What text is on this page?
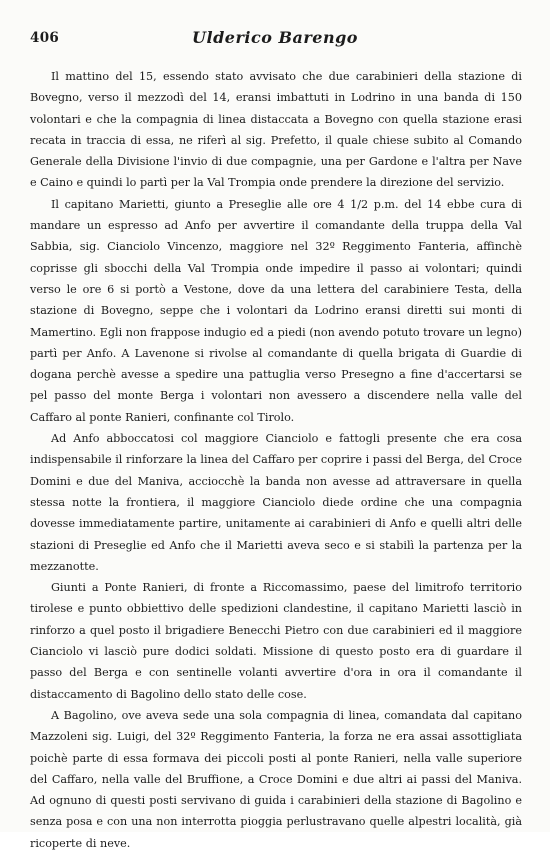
406	Ulderico Barengo

Il mattino del 15, essendo stato avvisato che due carabinieri della stazione di Bovegno, verso il mezzodì del 14, eransi imbattuti in Lodrino in una banda di 150 volontari e che la compagnia di linea distaccata a Bovegno con quella stazione erasi recata in traccia di essa, ne riferì al sig. Prefetto, il quale chiese subito al Comando Generale della Divisione l'invio di due compagnie, una per Gardone e l'altra per Nave e Caino e quindi lo partì per la Val Trompia onde prendere la direzione del servizio.

Il capitano Marietti, giunto a Preseglie alle ore 4 1/2 p.m. del 14 ebbe cura di mandare un espresso ad Anfo per avvertire il comandante della truppa della Val Sabbia, sig. Cianciolo Vincenzo, maggiore nel 32º Reggimento Fanteria, affinchè coprisse gli sbocchi della Val Trompia onde impedire il passo ai volontari; quindi verso le ore 6 si portò a Vestone, dove da una lettera del carabiniere Testa, della stazione di Bovegno, seppe che i volontari da Lodrino eransi diretti sui monti di Mamertino. Egli non frappose indugio ed a piedi (non avendo potuto trovare un legno) partì per Anfo. A Lavenone si rivolse al comandante di quella brigata di Guardie di dogana perchè avesse a spedire una pattuglia verso Presegno a fine d'accertarsi se pel passo del monte Berga i volontari non avessero a discendere nella valle del Caffaro al ponte Ranieri, confinante col Tirolo.

Ad Anfo abboccatosi col maggiore Cianciolo e fattogli presente che era cosa indispensabile il rinforzare la linea del Caffaro per coprire i passi del Berga, del Croce Domini e due del Maniva, acciocchè la banda non avesse ad attraversare in quella stessa notte la frontiera, il maggiore Cianciolo diede ordine che una compagnia dovesse immediatamente partire, unitamente ai carabinieri di Anfo e quelli altri delle stazioni di Preseglie ed Anfo che il Marietti aveva seco e si stabilì la partenza per la mezzanotte.

Giunti a Ponte Ranieri, di fronte a Riccomassimo, paese del limitrofo territorio tirolese e punto obbiettivo delle spedizioni clandestine, il capitano Marietti lasciò in rinforzo a quel posto il brigadiere Benecchi Pietro con due carabinieri ed il maggiore Cianciolo vi lasciò pure dodici soldati. Missione di questo posto era di guardare il passo del Berga e con sentinelle volanti avvertire d'ora in ora il comandante il distaccamento di Bagolino dello stato delle cose.

A Bagolino, ove aveva sede una sola compagnia di linea, comandata dal capitano Mazzoleni sig. Luigi, del 32º Reggimento Fanteria, la forza ne era assai assottigliata poichè parte di essa formava dei piccoli posti al ponte Ranieri, nella valle superiore del Caffaro, nella valle del Bruffione, a Croce Domini e due altri ai passi del Maniva. Ad ognuno di questi posti servivano di guida i carabinieri della stazione di Bagolino e senza posa e con una non interrotta pioggia perlustravano quelle alpestri località, già ricoperte di neve.
